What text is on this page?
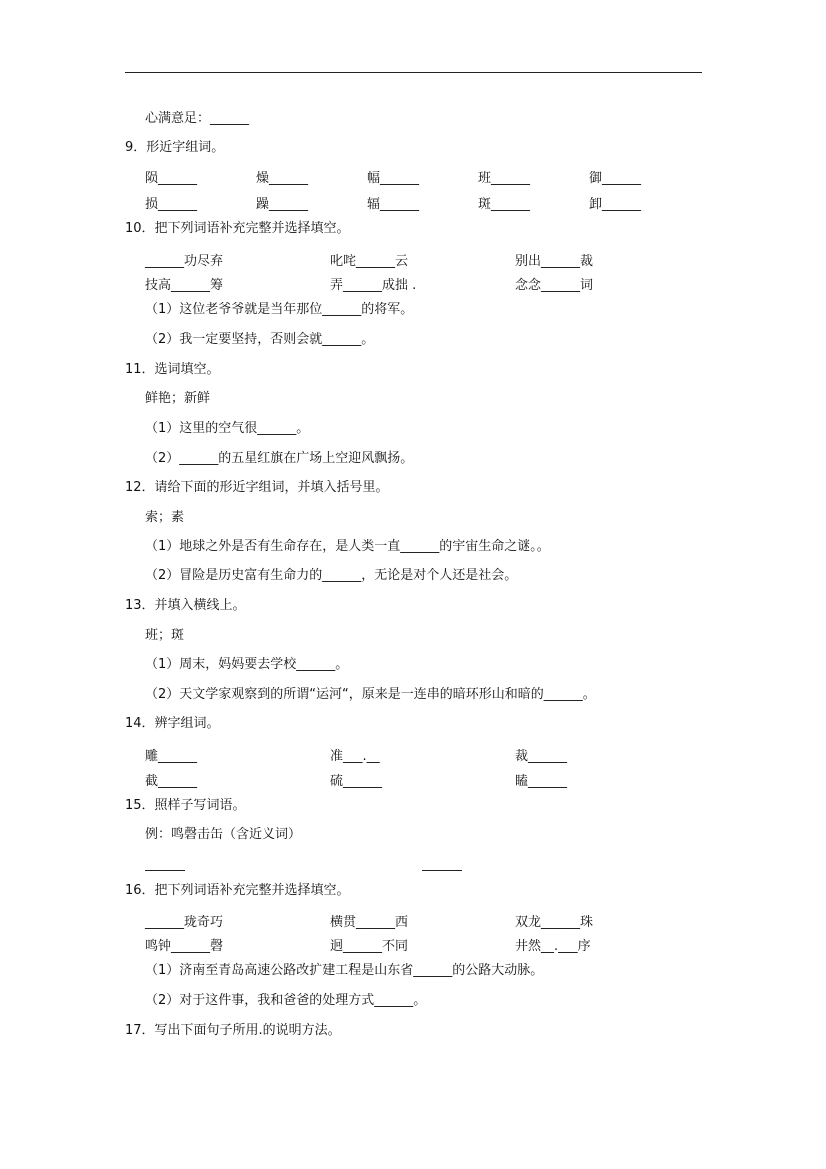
心满意足：______
9．形近字组词。
陨______	燥______	幅______	班______	御______
损______	躁______	辐______	斑______	卸______
10．把下列词语补充完整并选择填空。
______功尽弃	叱咤______云	别出______裁
技高______筹	弄______成拙 .	念念______词
（1）这位老爷爷就是当年那位______的将军。
（2）我一定要坚持，否则会就______。
11．选词填空。
鲜艳；新鲜
（1）这里的空气很______。
（2）______的五星红旗在广场上空迎风飘扬。
12．请给下面的形近字组词，并填入括号里。
索；素
（1）地球之外是否有生命存在，是人类一直______的宇宙生命之谜。。
（2）冒险是历史富有生命力的______，无论是对个人还是社会。
13．并填入横线上。
班；斑
（1）周末，妈妈要去学校______。
（2）天文学家观察到的所谓“运河“，原来是一连串的暗环形山和暗的______。
14．辨字组词。
雕______	准___.__	裁______
截______	硫______	瞌______
15．照样子写词语。
例：鸣磬击缶（含近义词）
16．把下列词语补充完整并选择填空。
______珑奇巧	横贯______西	双龙______珠
鸣钟______磬	迥______不同	井然__.___序
（1）济南至青岛高速公路改扩建工程是山东省______的公路大动脉。
（2）对于这件事，我和爸爸的处理方式______。
17．写出下面句子所用.的说明方法。
